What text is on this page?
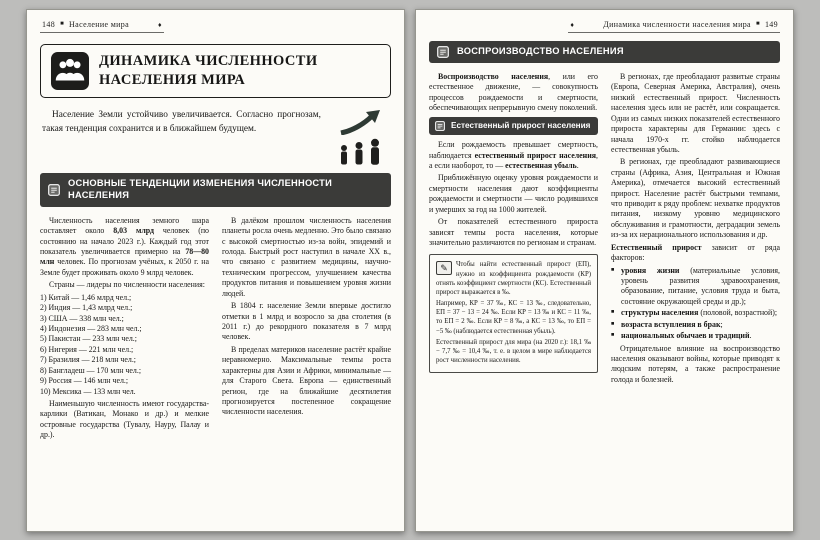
148 ■ Население мира	♦
ДИНАМИКА ЧИСЛЕННОСТИ НАСЕЛЕНИЯ МИРА

Население Земли устойчиво увеличивается. Согласно прогнозам, такая тенденция сохранится и в ближайшем будущем.

ОСНОВНЫЕ ТЕНДЕНЦИИ ИЗМЕНЕНИЯ ЧИСЛЕННОСТИ НАСЕЛЕНИЯ

Численность населения земного шара составляет около 8,03 млрд человек (по состоянию на начало 2023 г.). Каждый год этот показатель увеличивается примерно на 78—80 млн человек. По прогнозам учёных, к 2050 г. на Земле будет проживать около 9 млрд человек.

Страны — лидеры по численности населения:

1) Китай — 1,46 млрд чел.;
2) Индия — 1,43 млрд чел.;
3) США — 338 млн чел.;
4) Индонезия — 283 млн чел.;
5) Пакистан — 233 млн чел.;
6) Нигерия — 221 млн чел.;
7) Бразилия — 218 млн чел.;
8) Бангладеш — 170 млн чел.;
9) Россия — 146 млн чел.;
10) Мексика — 133 млн чел.

Наименьшую численность имеют государства-карлики (Ватикан, Монако и др.) и мелкие островные государства (Тувалу, Науру, Палау и др.).

В далёком прошлом численность населения планеты росла очень медленно. Это было связано с высокой смертностью из-за войн, эпидемий и голода. Быстрый рост наступил в начале XX в., что связано с развитием медицины, научно-техническим прогрессом, улучшением качества продуктов питания и повышением уровня жизни людей.

В 1804 г. население Земли впервые достигло отметки в 1 млрд и возросло за два столетия (в 2011 г.) до рекордного показателя в 7 млрд человек.

В пределах материков население растёт крайне неравномерно. Максимальные темпы роста характерны для Азии и Африки, минимальные — для Старого Света. Европа — единственный регион, где на ближайшие десятилетия прогнозируется постепенное сокращение численности населения.

♦	Динамика численности населения мира ■ 149
ВОСПРОИЗВОДСТВО НАСЕЛЕНИЯ

Воспроизводство населения, или его естественное движение, — совокупность процессов рождаемости и смертности, обеспечивающих непрерывную смену поколений.

Естественный прирост населения

Если рождаемость превышает смертность, наблюдается естественный прирост населения, а если наоборот, то — естественная убыль.

Приближённую оценку уровня рождаемости и смертности населения дают коэффициенты рождаемости и смертности — число родившихся и умерших за год на 1000 жителей.

От показателей естественного прироста зависят темпы роста населения, которые значительно различаются по регионам и странам.

✎	Чтобы найти естественный прирост (ЕП), нужно из коэффициента рождаемости (КР) отнять коэффициент смертности (КС). Естественный прирост выражается в ‰.

Например, КР = 37 ‰, КС = 13 ‰, следовательно, ЕП = 37 − 13 = 24 ‰. Если КР = 13 ‰ и КС = 11 ‰, то ЕП = 2 ‰. Если КР = 8 ‰, а КС = 13 ‰, то ЕП = −5 ‰ (наблюдается естественная убыль).

Естественный прирост для мира (на 2020 г.): 18,1 ‰ − 7,7 ‰ = 10,4 ‰, т. е. в целом в мире наблюдается рост численности населения.

В регионах, где преобладают развитые страны (Европа, Северная Америка, Австралия), очень низкий естественный прирост. Численность населения здесь или не растёт, или сокращается. Одни из самых низких показателей естественного прироста характерны для Германии: здесь с начала 1970-х гг. стойко наблюдается естественная убыль.

В регионах, где преобладают развивающиеся страны (Африка, Азия, Центральная и Южная Америка), отмечается высокий естественный прирост. Население растёт быстрыми темпами, что приводит к ряду проблем: нехватке продуктов питания, низкому уровню медицинского обслуживания и грамотности, деградации земель из-за их нерационального использования и др.

Естественный прирост зависит от ряда факторов:

■ уровня жизни (материальные условия, уровень развития здравоохранения, образование, питание, условия труда и быта, состояние окружающей среды и др.);
■ структуры населения (половой, возрастной);
■ возраста вступления в брак;
■ национальных обычаев и традиций.

Отрицательное влияние на воспроизводство населения оказывают войны, которые приводят к людским потерям, а также распространение голода и болезней.
